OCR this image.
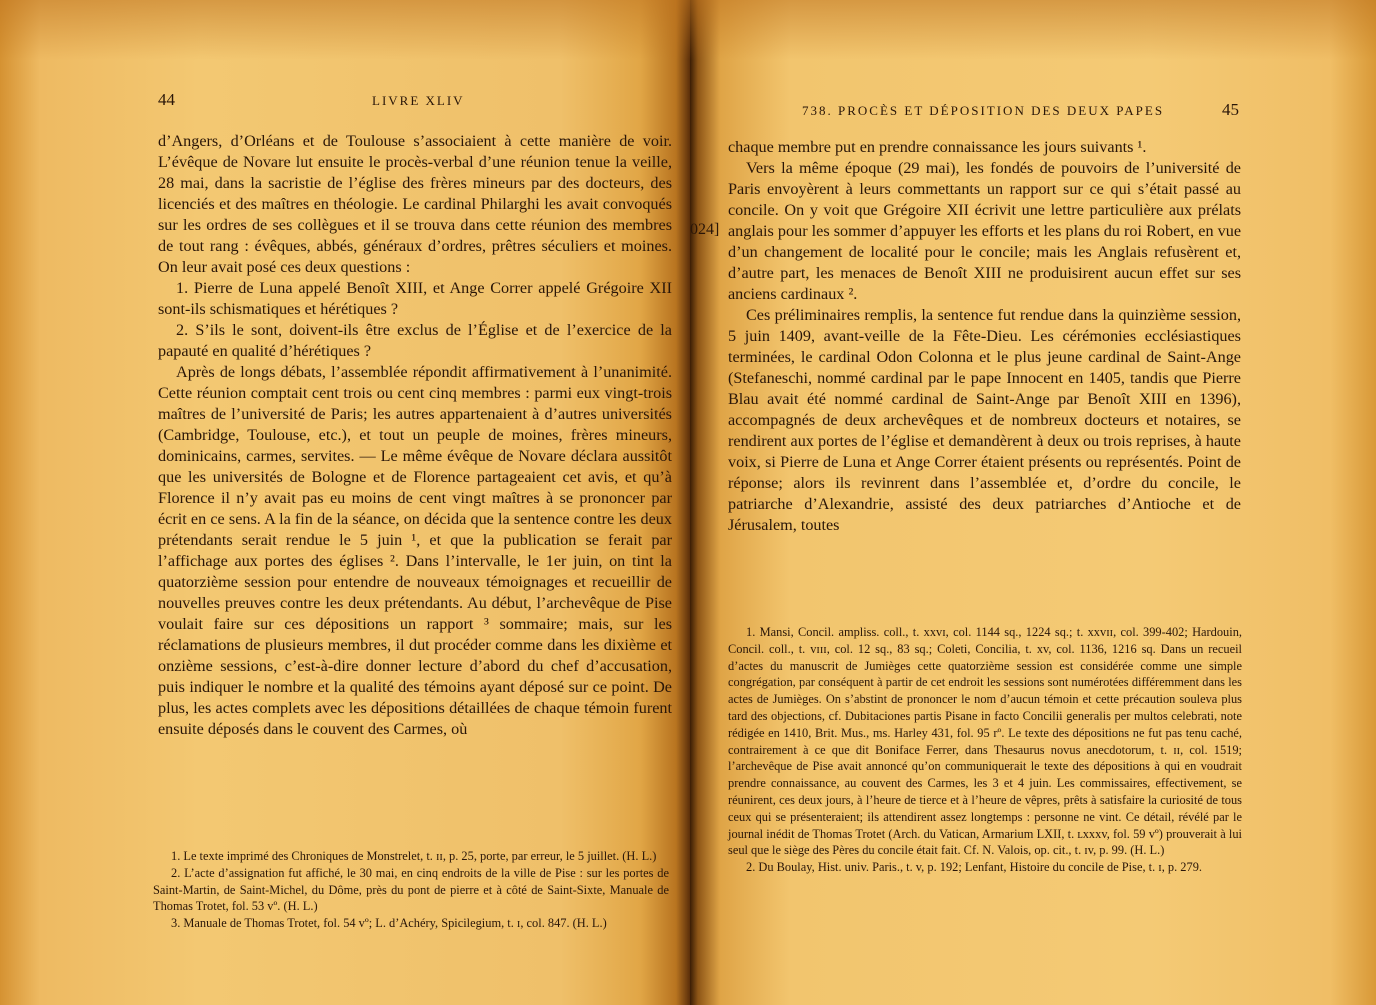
44	LIVRE XLIV

d’Angers, d’Orléans et de Toulouse s’associaient à cette manière de voir. L’évêque de Novare lut ensuite le procès-verbal d’une réunion tenue la veille, 28 mai, dans la sacristie de l’église des frères mineurs par des docteurs, des licenciés et des maîtres en théologie. Le cardinal Philarghi les avait convoqués sur les ordres de ses collègues et il se trouva dans cette réunion des membres de tout rang : évêques, abbés, généraux d’ordres, prêtres séculiers et moines. On leur avait posé ces deux questions :

1. Pierre de Luna appelé Benoît XIII, et Ange Correr appelé Grégoire XII sont-ils schismatiques et hérétiques ?

2. S’ils le sont, doivent-ils être exclus de l’Église et de l’exercice de la papauté en qualité d’hérétiques ?

Après de longs débats, l’assemblée répondit affirmativement à l’unanimité. Cette réunion comptait cent trois ou cent cinq membres : parmi eux vingt-trois maîtres de l’université de Paris; les autres appartenaient à d’autres universités (Cambridge, Toulouse, etc.), et tout un peuple de moines, frères mineurs, dominicains, carmes, servites. — Le même évêque de Novare déclara aussitôt que les universités de Bologne et de Florence partageaient cet avis, et qu’à Florence il n’y avait pas eu moins de cent vingt maîtres à se prononcer par écrit en ce sens. A la fin de la séance, on décida que la sentence contre les deux prétendants serait rendue le 5 juin ¹, et que la publication se ferait par l’affichage aux portes des églises ². Dans l’intervalle, le 1er juin, on tint la quatorzième session pour entendre de nouveaux témoignages et recueillir de nouvelles preuves contre les deux prétendants. Au début, l’archevêque de Pise voulait faire sur ces dépositions un rapport ³ sommaire; mais, sur les réclamations de plusieurs membres, il dut procéder comme dans les dixième et onzième sessions, c’est-à-dire donner lecture d’abord du chef d’accusation, puis indiquer le nombre et la qualité des témoins ayant déposé sur ce point. De plus, les actes complets avec les dépositions détaillées de chaque témoin furent ensuite déposés dans le couvent des Carmes, où

1. Le texte imprimé des Chroniques de Monstrelet, t. ɪɪ, p. 25, porte, par erreur, le 5 juillet. (H. L.)

2. L’acte d’assignation fut affiché, le 30 mai, en cinq endroits de la ville de Pise : sur les portes de Saint-Martin, de Saint-Michel, du Dôme, près du pont de pierre et à côté de Saint-Sixte, Manuale de Thomas Trotet, fol. 53 vº. (H. L.)

3. Manuale de Thomas Trotet, fol. 54 vº; L. d’Achéry, Spicilegium, t. ɪ, col. 847. (H. L.)

024]
738. PROCÈS ET DÉPOSITION DES DEUX PAPES	45

chaque membre put en prendre connaissance les jours suivants ¹.

Vers la même époque (29 mai), les fondés de pouvoirs de l’université de Paris envoyèrent à leurs commettants un rapport sur ce qui s’était passé au concile. On y voit que Grégoire XII écrivit une lettre particulière aux prélats anglais pour les sommer d’appuyer les efforts et les plans du roi Robert, en vue d’un changement de localité pour le concile; mais les Anglais refusèrent et, d’autre part, les menaces de Benoît XIII ne produisirent aucun effet sur ses anciens cardinaux ².

Ces préliminaires remplis, la sentence fut rendue dans la quinzième session, 5 juin 1409, avant-veille de la Fête-Dieu. Les cérémonies ecclésiastiques terminées, le cardinal Odon Colonna et le plus jeune cardinal de Saint-Ange (Stefaneschi, nommé cardinal par le pape Innocent en 1405, tandis que Pierre Blau avait été nommé cardinal de Saint-Ange par Benoît XIII en 1396), accompagnés de deux archevêques et de nombreux docteurs et notaires, se rendirent aux portes de l’église et demandèrent à deux ou trois reprises, à haute voix, si Pierre de Luna et Ange Correr étaient présents ou représentés. Point de réponse; alors ils revinrent dans l’assemblée et, d’ordre du concile, le patriarche d’Alexandrie, assisté des deux patriarches d’Antioche et de Jérusalem, toutes

1. Mansi, Concil. ampliss. coll., t. xxvɪ, col. 1144 sq., 1224 sq.; t. xxvɪɪ, col. 399-402; Hardouin, Concil. coll., t. vɪɪɪ, col. 12 sq., 83 sq.; Coleti, Concilia, t. xv, col. 1136, 1216 sq. Dans un recueil d’actes du manuscrit de Jumièges cette quatorzième session est considérée comme une simple congrégation, par conséquent à partir de cet endroit les sessions sont numérotées différemment dans les actes de Jumièges. On s’abstint de prononcer le nom d’aucun témoin et cette précaution souleva plus tard des objections, cf. Dubitaciones partis Pisane in facto Concilii generalis per multos celebrati, note rédigée en 1410, Brit. Mus., ms. Harley 431, fol. 95 rº. Le texte des dépositions ne fut pas tenu caché, contrairement à ce que dit Boniface Ferrer, dans Thesaurus novus anecdotorum, t. ɪɪ, col. 1519; l’archevêque de Pise avait annoncé qu’on communiquerait le texte des dépositions à qui en voudrait prendre connaissance, au couvent des Carmes, les 3 et 4 juin. Les commissaires, effectivement, se réunirent, ces deux jours, à l’heure de tierce et à l’heure de vêpres, prêts à satisfaire la curiosité de tous ceux qui se présenteraient; ils attendirent assez longtemps : personne ne vint. Ce détail, révélé par le journal inédit de Thomas Trotet (Arch. du Vatican, Armarium LXII, t. ʟxxxv, fol. 59 vº) prouverait à lui seul que le siège des Pères du concile était fait. Cf. N. Valois, op. cit., t. ɪv, p. 99. (H. L.)

2. Du Boulay, Hist. univ. Paris., t. v, p. 192; Lenfant, Histoire du concile de Pise, t. ɪ, p. 279.
